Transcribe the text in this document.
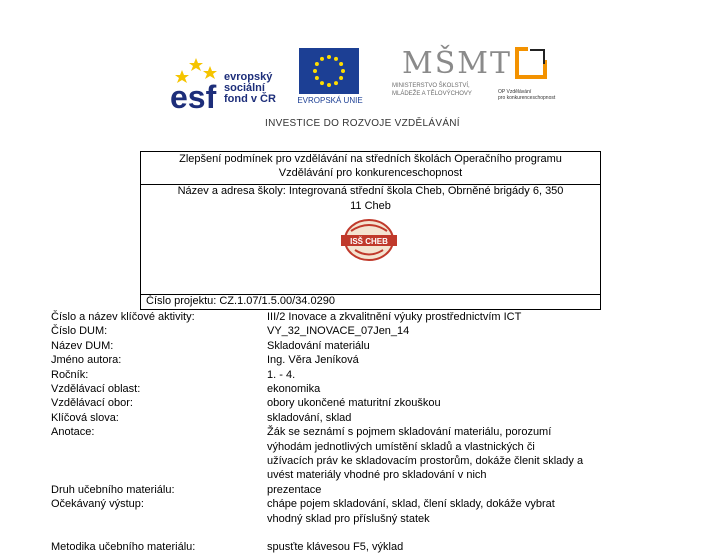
esf
evropský
sociální
fond v ČR	EVROPSKÁ UNIE
MŠMT
MINISTERSTVO ŠKOLSTVÍ,
MLÁDEŽE A TĚLOVÝCHOVY	OP Vzdělávání
pro konkurenceschopnost
INVESTICE DO ROZVOJE VZDĚLÁVÁNÍ
Zlepšení podmínek pro vzdělávání na středních školách Operačního programu
Vzdělávání pro konkurenceschopnost
Název a adresa školy: Integrovaná střední škola Cheb, Obrněné brigády 6, 350
11 Cheb
ISŠ CHEB
Číslo projektu: CZ.1.07/1.5.00/34.0290
Číslo a název klíčové aktivity:	III/2 Inovace a zkvalitnění výuky prostřednictvím ICT
Číslo DUM:	VY_32_INOVACE_07Jen_14
Název DUM:	Skladování materiálu
Jméno autora:	Ing. Věra Jeníková
Ročník:	1. - 4.
Vzdělávací oblast:	ekonomika
Vzdělávací obor:	obory ukončené maturitní zkouškou
Klíčová slova:	skladování, sklad
Anotace:	Žák se seznámí s pojmem skladování materiálu, porozumí
výhodám jednotlivých umístění skladů a vlastnických či
užívacích práv ke skladovacím prostorům, dokáže členit sklady a
uvést materiály vhodné pro skladování v nich
Druh učebního materiálu:	prezentace
Očekávaný výstup:	chápe pojem skladování, sklad, člení sklady, dokáže vybrat
vhodný sklad pro příslušný statek
Metodika učebního materiálu:	spusťte klávesou F5, výklad
